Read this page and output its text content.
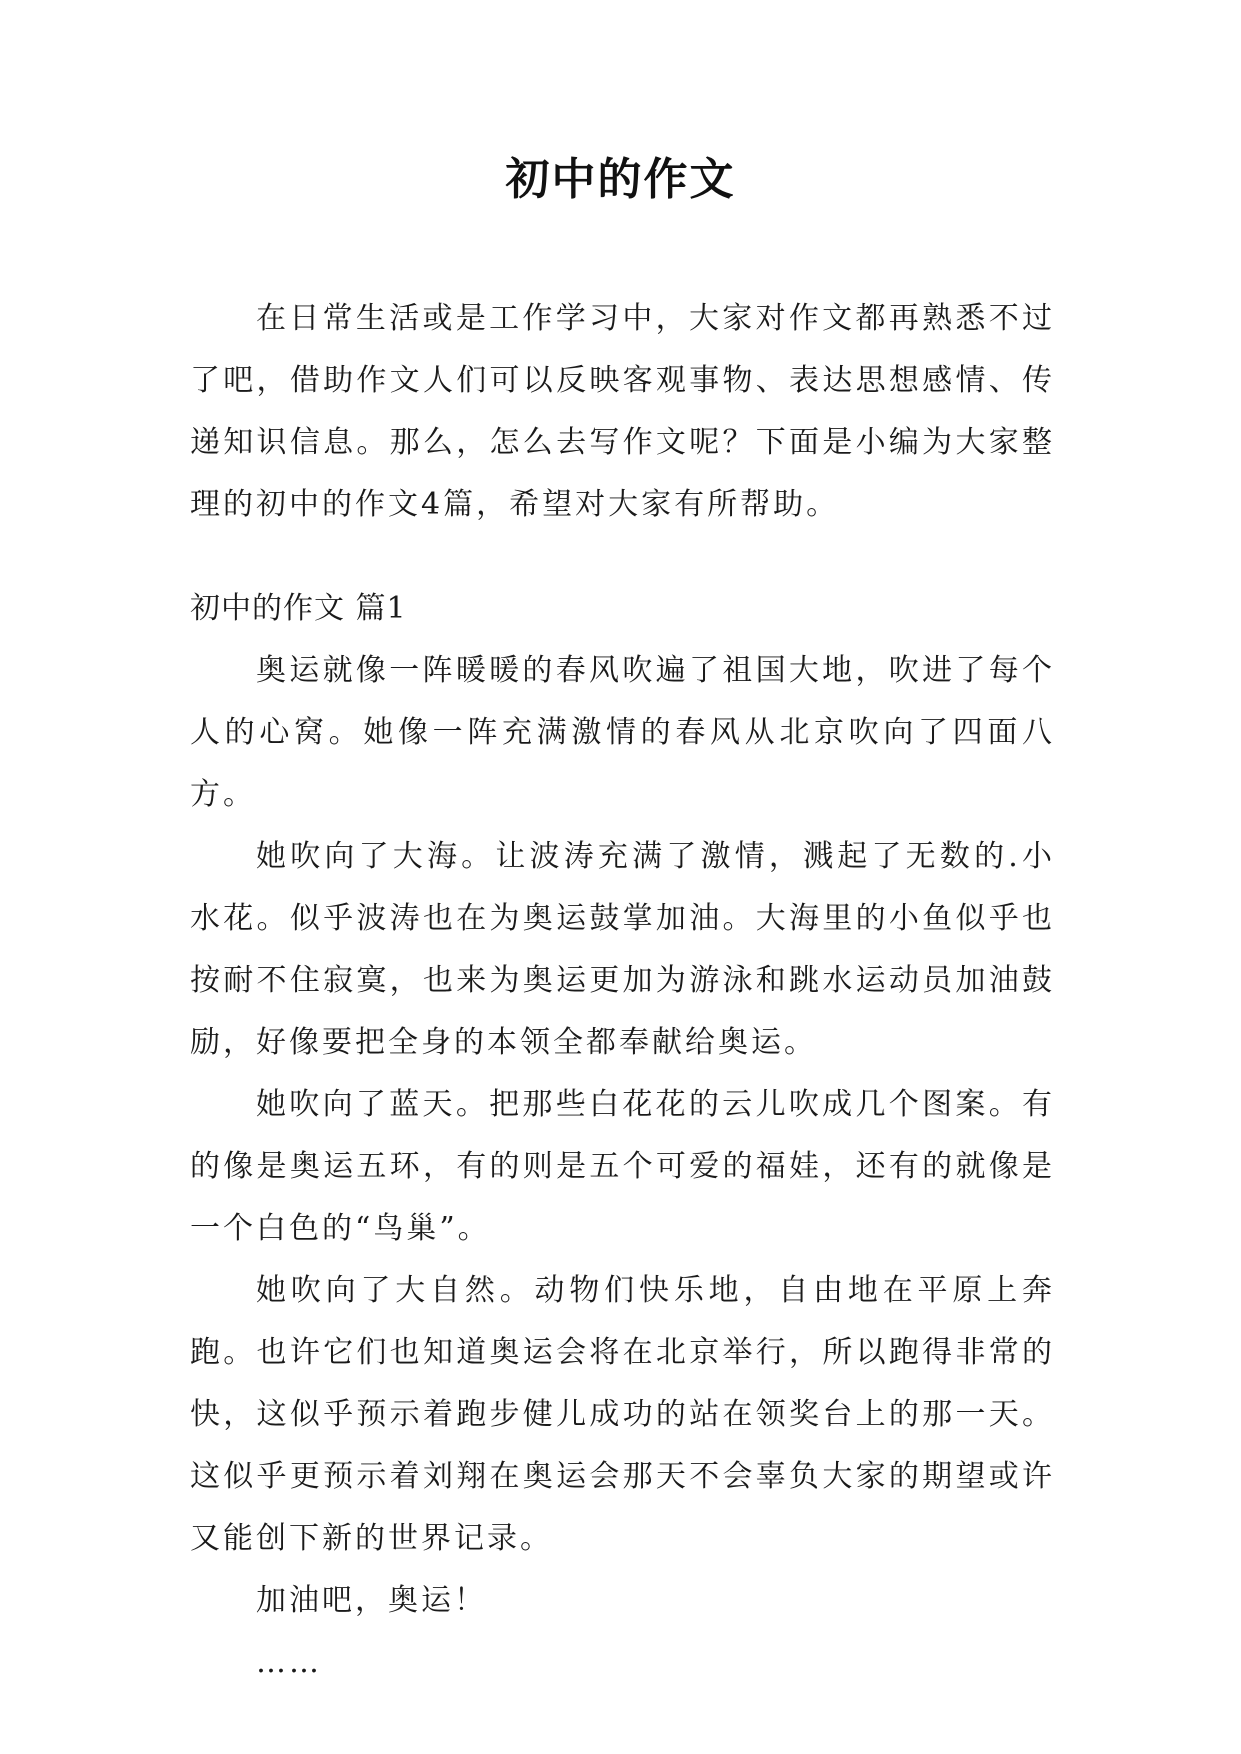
初中的作文

在日常生活或是工作学习中，大家对作文都再熟悉不过了吧，借助作文人们可以反映客观事物、表达思想感情、传递知识信息。那么，怎么去写作文呢？下面是小编为大家整理的初中的作文4篇，希望对大家有所帮助。

初中的作文 篇1

奥运就像一阵暖暖的春风吹遍了祖国大地，吹进了每个人的心窝。她像一阵充满激情的春风从北京吹向了四面八方。

她吹向了大海。让波涛充满了激情，溅起了无数的.小水花。似乎波涛也在为奥运鼓掌加油。大海里的小鱼似乎也按耐不住寂寞，也来为奥运更加为游泳和跳水运动员加油鼓励，好像要把全身的本领全都奉献给奥运。

她吹向了蓝天。把那些白花花的云儿吹成几个图案。有的像是奥运五环，有的则是五个可爱的福娃，还有的就像是一个白色的“鸟巢”。

她吹向了大自然。动物们快乐地，自由地在平原上奔跑。也许它们也知道奥运会将在北京举行，所以跑得非常的快，这似乎预示着跑步健儿成功的站在领奖台上的那一天。这似乎更预示着刘翔在奥运会那天不会辜负大家的期望或许又能创下新的世界记录。

加油吧，奥运！

……
